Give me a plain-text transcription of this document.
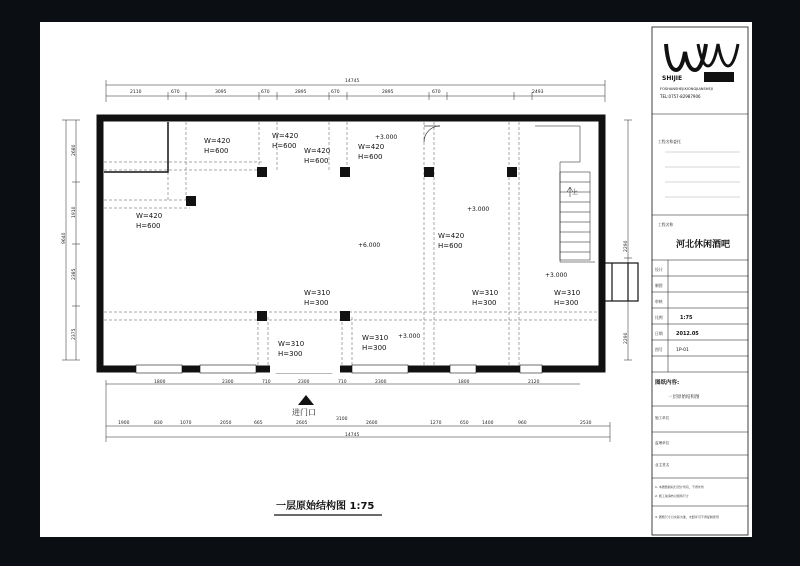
SHIJIE
FOSHANSHEJIXIONGJIANSHEJI
TEL:0757-82987906
工程名称委托
工程名称
河北休闲酒吧
设计
制图
审核
比例	1:75
日期	2012.05
图号	1P-01
图纸内容:
一层原始结构图
施工单位
监理单位
业主签名
1. 本图纸版权归设计所有，不得外传
2. 施工前请核对现场尺寸
3. 图纸尺寸以实际为准，未经许可不得复制使用
14745
2110	670	3095	670	2895	670	2895	670	2493
9640
2680
1910
2385
2375
2290
2290
上
进门口
W=420
H=600
W=420
H=600
W=420
H=600
W=420
H=600
W=420
H=600
W=420
H=600
W=310
H=300
W=310
H=300
W=310
H=300
W=310
H=300
W=310
H=300
+3.000
+3.000
+6.000
+3.000
+3.000
1800	2300	710	2300	710	2300	1800	2120
3100
1900	830	1070	2050	665	2605	2600	1270	650	1400	960	2530
14745
一层原始结构图 1:75
